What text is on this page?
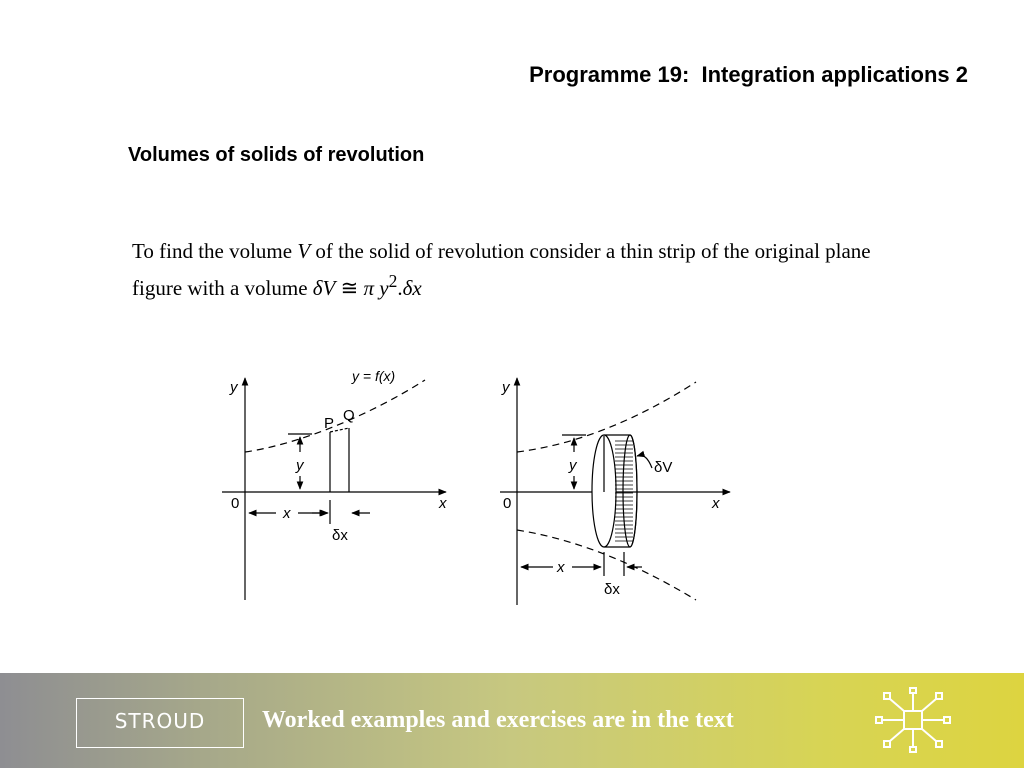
Programme 19:  Integration applications 2
Volumes of solids of revolution
To find the volume V of the solid of revolution consider a thin strip of the original plane figure with a volume δV ≅ π $y^2.\delta x$
y
x
0
y = f(x)
P Q
y
x
δx
y
x
0
y
x
δx
δV
STROUD	Worked examples and exercises are in the text
